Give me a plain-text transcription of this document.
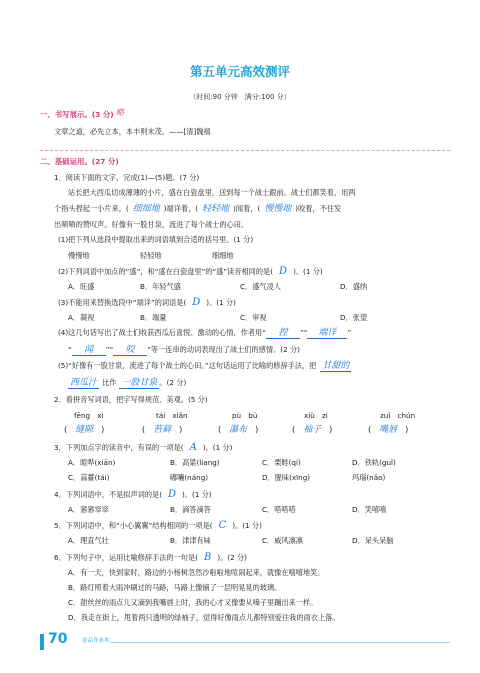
第五单元高效测评
（时间:90 分钟　满分:100 分）
一、书写展示。(3 分) 略
文章之道，必先立本，本丰则末茂。——[清]魏禧
二、基础运用。(27 分)
1．阅读下面的文字，完成(1)—(5)题。(7 分)
站长把大西瓜切成薄薄的小片，盛在白瓷盘里，送到每一个战士跟前。战士们都笑着，用两
个指头捏起一小片来，( 细细地 )端详着，( 轻轻地 )闻着，( 慢慢地 )咬着，不住发
出啧啧的赞叹声。好像有一股甘泉，流进了每个战士的心田。
(1)把下列从选段中提取出来的词语填到合适的括号里。(1 分)
慢慢地	轻轻地	细细地
(2)下列词语中加点的“盛”，和“盛在白瓷盘里”的“盛”读音相同的是( D )。(1 分)
A．旺盛	B．年轻气盛	C．盛气凌人	D．盛纳
(3)不能用来替换选段中“端详”的词语是( D )。(1 分)
A．凝视	B．端量	C．审视	D．张望
(4)这几句话写出了战士们收获西瓜后喜悦、激动的心情，作者用“ 捏 ”“ 端详 ”
“ 闻 ”“ 咬 ”等一连串的动词表现出了战士们的感情。(2 分)
(5)“好像有一股甘泉，流进了每个战士的心田。”这句话运用了比喻的修辞手法，把 甘甜的
西瓜汁 比作 一股甘泉 。(2 分)
2．看拼音写词语，把字写得规范、美观。(5 分)
fēng　xì	tái　xiǎn	pù　bù	xiù　zi	zuǐ　chún
( 缝隙 )	( 苔藓 )	( 瀑布 )	( 袖子 )	( 嘴唇 )
3．下列加点字的读音中，有误的一项是( A )。(1 分)
A．暄哗(xiān)	B．高粱(liang)	C．栗畦(qí)	D．铁轨(guǐ)
C．蒜薹(tái)	嘟囔(náng)	D．腥味(xīng)	玛瑙(nǎo)
4．下列词语中，不是拟声词的是( D )。(1 分)
A．窸窸窣窣	B．滴答滴答	C．嗒嗒嗒	D．笑嘻嘻
5．下列词语中，和“小心翼翼”结构相同的一项是( C )。(1 分)
A．理直气壮	B．津津有味	C．威风凛凛	D．呆头呆脑
6．下列句子中，运用比喻修辞手法的一句是( B )。(2 分)
A．有一天，快到家时，路边的小杨树忽然沙啦啦地喧闹起来，就像在嘻嘻地笑。
B．路灯照着大雨冲刷过的马路，马路上像铺了一层明晃晃的玻璃。
C．甜丝丝的雨点儿又滴到我嘴唇上时，我的心才又像要从嗓子里蹦出来一样。
D．我走在街上，甩着两只透明的绿袖子，觉得好像雨点儿都特别爱往我的雨衣上落。
70	金品作业本
